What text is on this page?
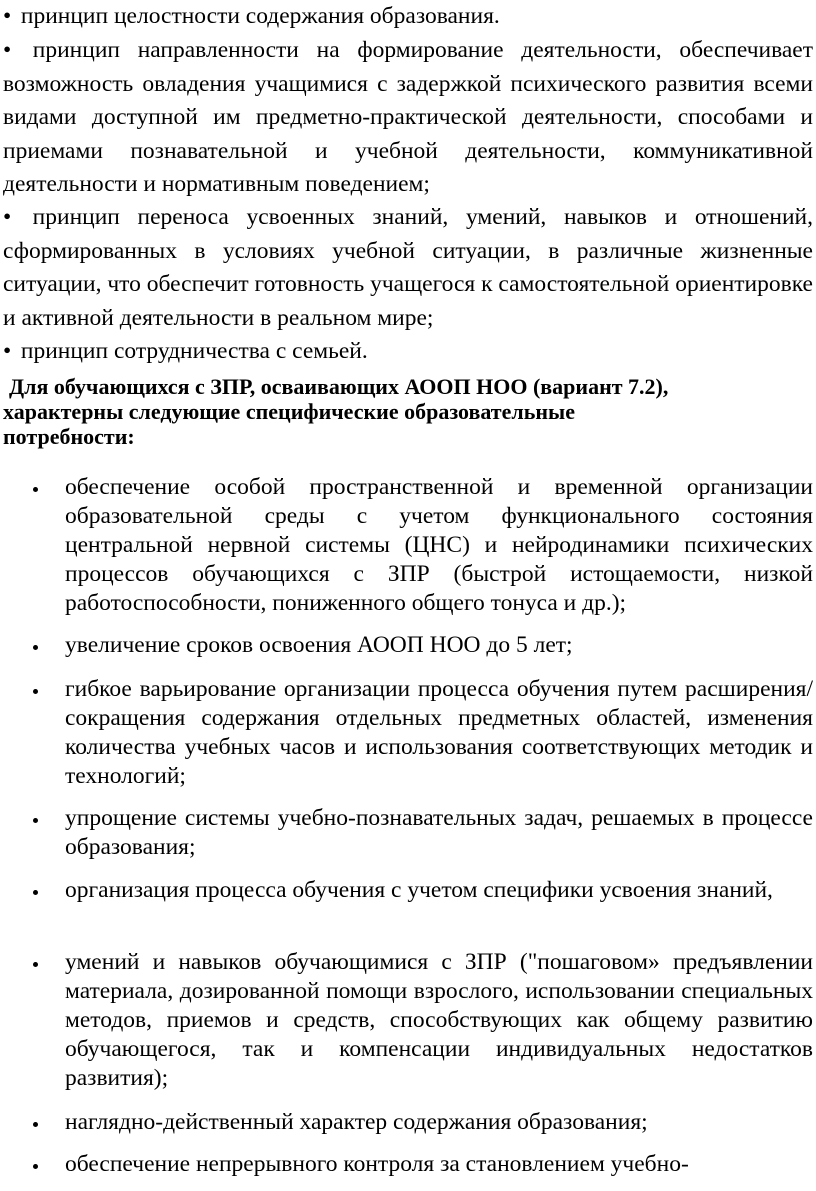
• принцип целостности содержания образования.
• принцип направленности на формирование деятельности, обеспечивает возможность овладения учащимися с задержкой психического развития всеми видами доступной им предметно-практической деятельности, способами и приемами познавательной и учебной деятельности, коммуникативной деятельности и нормативным поведением;
• принцип переноса усвоенных знаний, умений, навыков и отношений, сформированных в условиях учебной ситуации, в различные жизненные ситуации, что обеспечит готовность учащегося к самостоятельной ориентировке и активной деятельности в реальном мире;
• принцип сотрудничества с семьей.
Для обучающихся с ЗПР, осваивающих АООП НОО (вариант 7.2),
характерны следующие специфические образовательные
потребности:
обеспечение особой пространственной и временной организации образовательной среды с учетом функционального состояния центральной нервной системы (ЦНС) и нейродинамики психических процессов обучающихся с ЗПР (быстрой истощаемости, низкой работоспособности, пониженного общего тонуса и др.);
увеличение сроков освоения АООП НОО до 5 лет;
гибкое варьирование организации процесса обучения путем расширения/сокращения содержания отдельных предметных областей, изменения количества учебных часов и использования соответствующих методик и технологий;
упрощение системы учебно-познавательных задач, решаемых в процессе образования;
организация процесса обучения с учетом специфики усвоения знаний,
умений и навыков обучающимися с ЗПР ("пошаговом» предъявлении материала, дозированной помощи взрослого, использовании специальных методов, приемов и средств, способствующих как общему развитию обучающегося, так и компенсации индивидуальных недостатков развития);
наглядно-действенный характер содержания образования;
обеспечение непрерывного контроля за становлением учебно-
